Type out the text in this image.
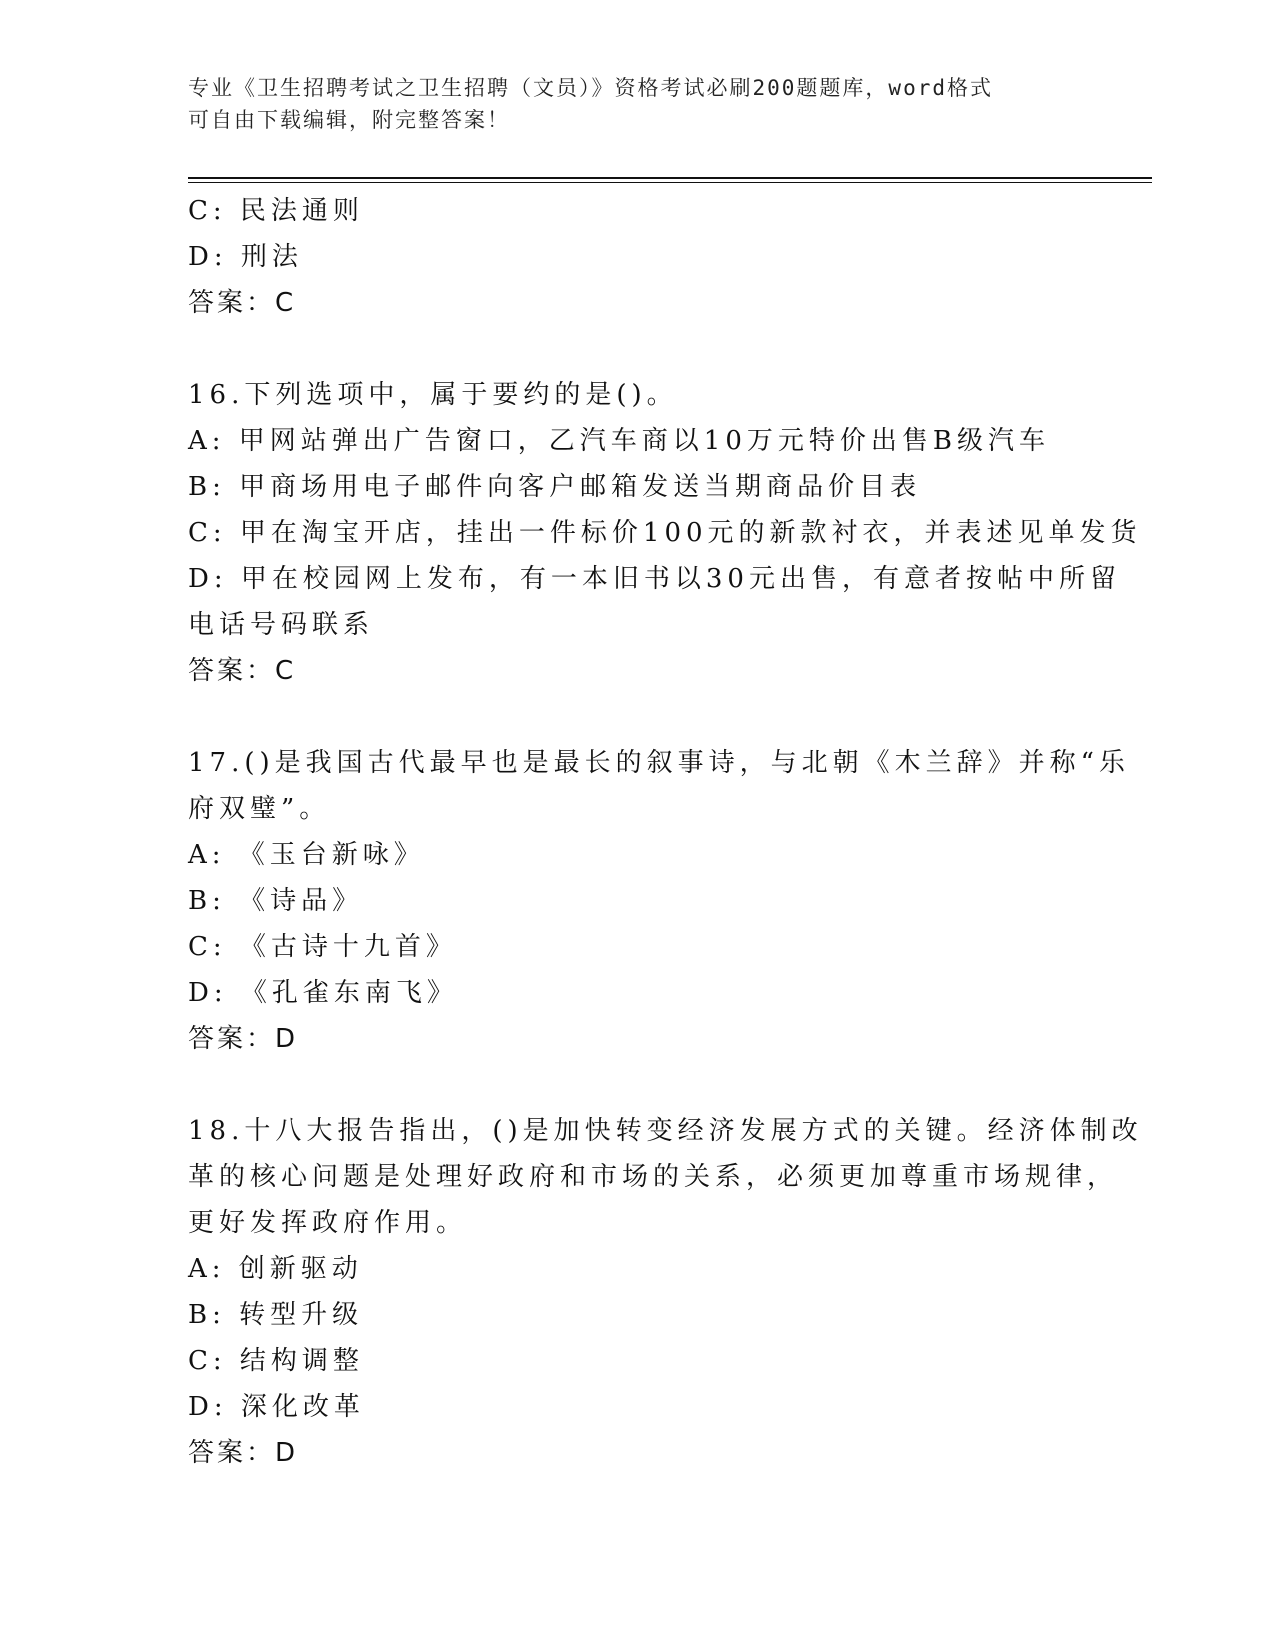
专业《卫生招聘考试之卫生招聘（文员）》资格考试必刷200题题库，word格式
可自由下载编辑，附完整答案！
C: 民法通则
D: 刑法
答案：C
16.下列选项中，属于要约的是()。
A: 甲网站弹出广告窗口，乙汽车商以10万元特价出售B级汽车
B: 甲商场用电子邮件向客户邮箱发送当期商品价目表
C: 甲在淘宝开店，挂出一件标价100元的新款衬衣，并表述见单发货
D: 甲在校园网上发布，有一本旧书以30元出售，有意者按帖中所留
电话号码联系
答案：C
17.()是我国古代最早也是最长的叙事诗，与北朝《木兰辞》并称“乐
府双璧”。
A: 《玉台新咏》
B: 《诗品》
C: 《古诗十九首》
D: 《孔雀东南飞》
答案：D
18.十八大报告指出，()是加快转变经济发展方式的关键。经济体制改
革的核心问题是处理好政府和市场的关系，必须更加尊重市场规律，
更好发挥政府作用。
A: 创新驱动
B: 转型升级
C: 结构调整
D: 深化改革
答案：D
